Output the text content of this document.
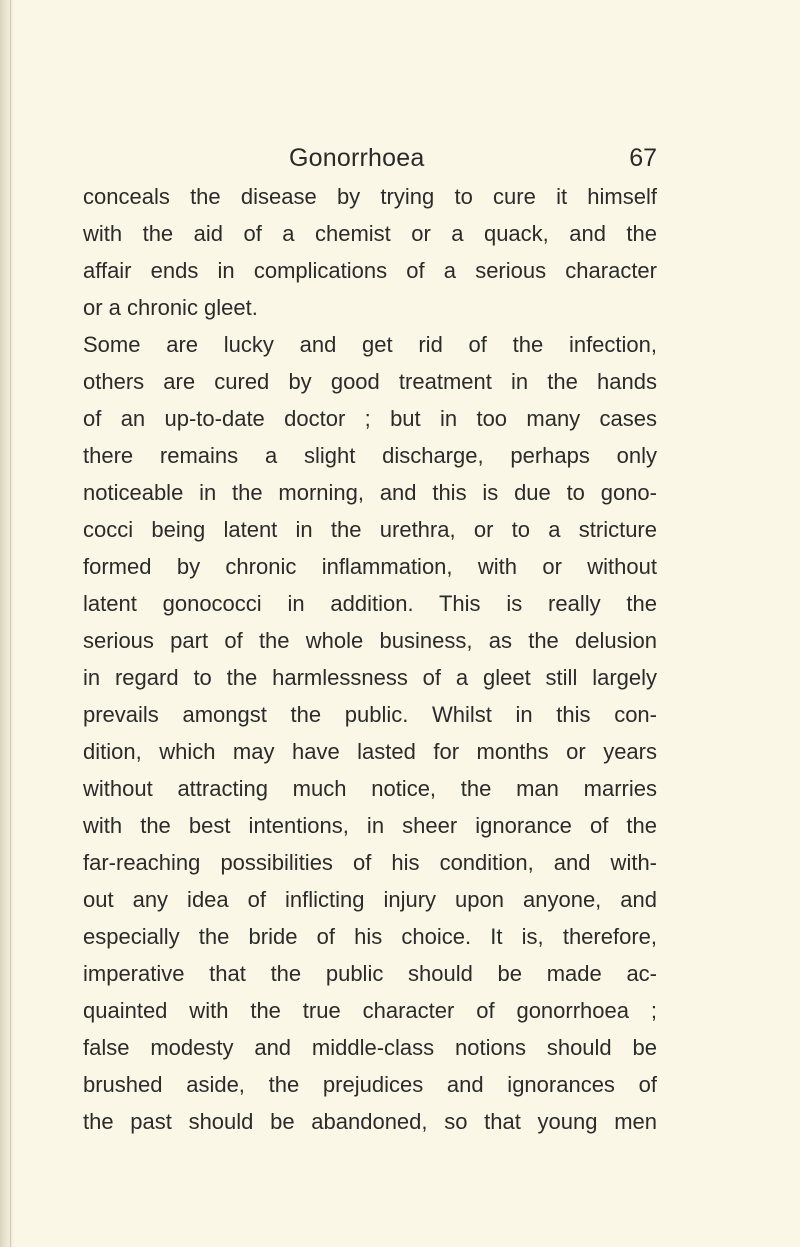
Gonorrhoea	67
conceals the disease by trying to cure it himself
with the aid of a chemist or a quack, and the
affair ends in complications of a serious character
or a chronic gleet.
Some are lucky and get rid of the infection,
others are cured by good treatment in the hands
of an up-to-date doctor ; but in too many cases
there remains a slight discharge, perhaps only
noticeable in the morning, and this is due to gono-
cocci being latent in the urethra, or to a stricture
formed by chronic inflammation, with or without
latent gonococci in addition. This is really the
serious part of the whole business, as the delusion
in regard to the harmlessness of a gleet still largely
prevails amongst the public. Whilst in this con-
dition, which may have lasted for months or years
without attracting much notice, the man marries
with the best intentions, in sheer ignorance of the
far-reaching possibilities of his condition, and with-
out any idea of inflicting injury upon anyone, and
especially the bride of his choice. It is, therefore,
imperative that the public should be made ac-
quainted with the true character of gonorrhoea ;
false modesty and middle-class notions should be
brushed aside, the prejudices and ignorances of
the past should be abandoned, so that young men
